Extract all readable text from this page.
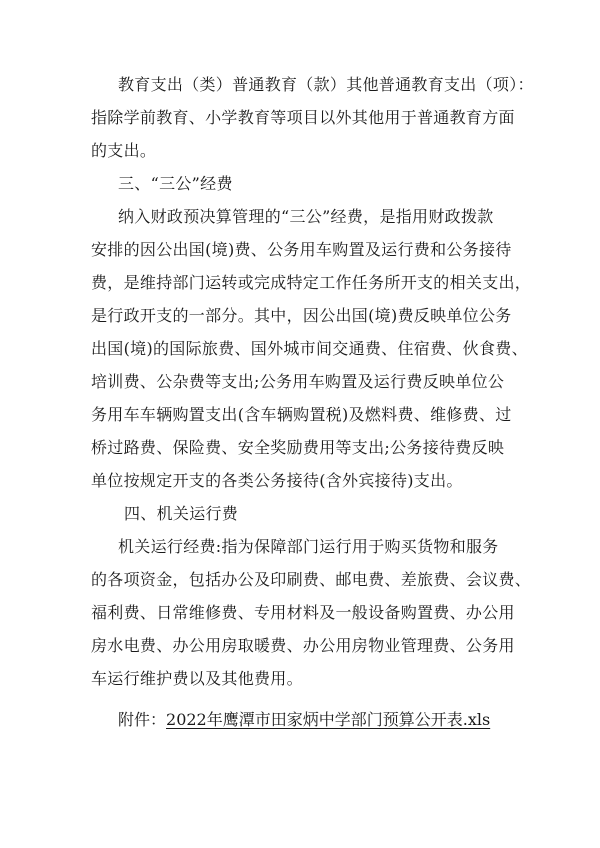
教育支出（类）普通教育（款）其他普通教育支出（项）：
指除学前教育、小学教育等项目以外其他用于普通教育方面
的支出。
三、“三公”经费
纳入财政预决算管理的“三公”经费，是指用财政拨款
安排的因公出国(境)费、公务用车购置及运行费和公务接待
费，是维持部门运转或完成特定工作任务所开支的相关支出，
是行政开支的一部分。其中，因公出国(境)费反映单位公务
出国(境)的国际旅费、国外城市间交通费、住宿费、伙食费、
培训费、公杂费等支出;公务用车购置及运行费反映单位公
务用车车辆购置支出(含车辆购置税)及燃料费、维修费、过
桥过路费、保险费、安全奖励费用等支出;公务接待费反映
单位按规定开支的各类公务接待(含外宾接待)支出。
四、机关运行费
机关运行经费:指为保障部门运行用于购买货物和服务
的各项资金，包括办公及印刷费、邮电费、差旅费、会议费、
福利费、日常维修费、专用材料及一般设备购置费、办公用
房水电费、办公用房取暖费、办公用房物业管理费、公务用
车运行维护费以及其他费用。
附件：2022年鹰潭市田家炳中学部门预算公开表.xls
